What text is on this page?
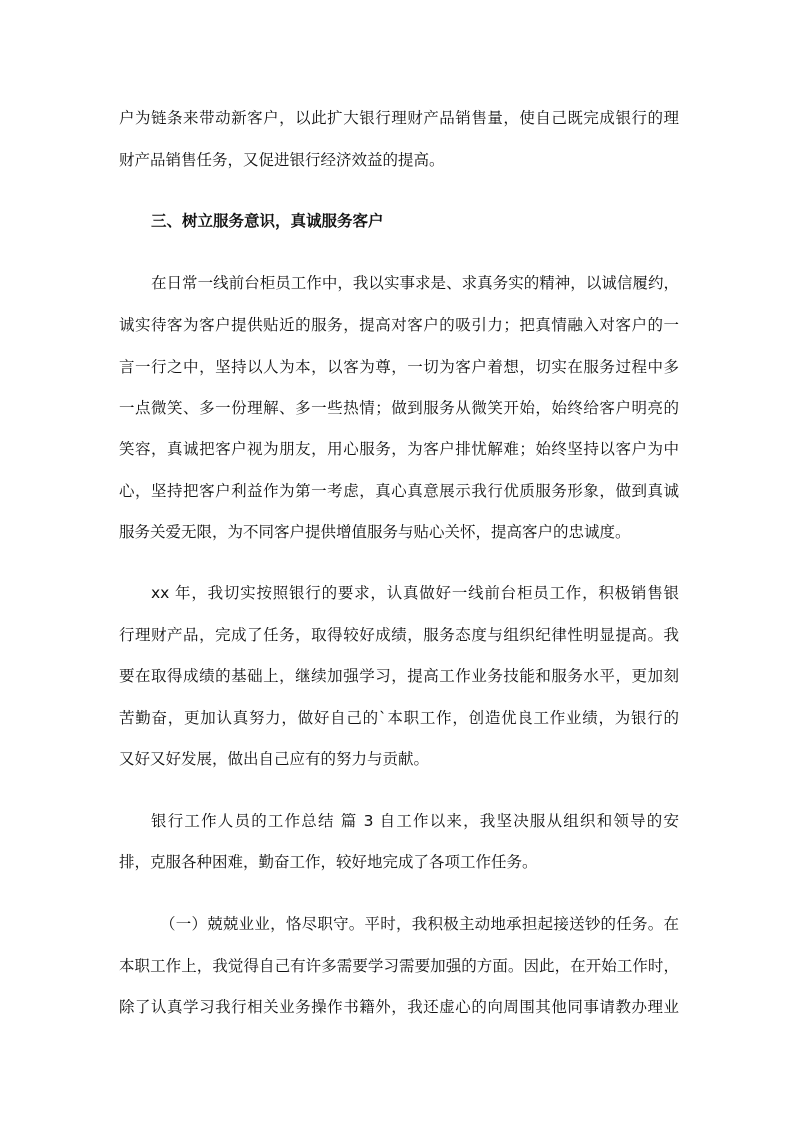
户为链条来带动新客户，以此扩大银行理财产品销售量，使自己既完成银行的理
财产品销售任务，又促进银行经济效益的提高。
三、树立服务意识，真诚服务客户
在日常一线前台柜员工作中，我以实事求是、求真务实的精神，以诚信履约，
诚实待客为客户提供贴近的服务，提高对客户的吸引力；把真情融入对客户的一
言一行之中，坚持以人为本，以客为尊，一切为客户着想，切实在服务过程中多
一点微笑、多一份理解、多一些热情；做到服务从微笑开始，始终给客户明亮的
笑容，真诚把客户视为朋友，用心服务，为客户排忧解难；始终坚持以客户为中
心，坚持把客户利益作为第一考虑，真心真意展示我行优质服务形象，做到真诚
服务关爱无限，为不同客户提供增值服务与贴心关怀，提高客户的忠诚度。
xx 年，我切实按照银行的要求，认真做好一线前台柜员工作，积极销售银
行理财产品，完成了任务，取得较好成绩，服务态度与组织纪律性明显提高。我
要在取得成绩的基础上，继续加强学习，提高工作业务技能和服务水平，更加刻
苦勤奋，更加认真努力，做好自己的`本职工作，创造优良工作业绩，为银行的
又好又好发展，做出自己应有的努力与贡献。
银行工作人员的工作总结 篇 3 自工作以来，我坚决服从组织和领导的安
排，克服各种困难，勤奋工作，较好地完成了各项工作任务。
（一）兢兢业业，恪尽职守。平时，我积极主动地承担起接送钞的任务。在
本职工作上，我觉得自己有许多需要学习需要加强的方面。因此，在开始工作时，
除了认真学习我行相关业务操作书籍外，我还虚心的向周围其他同事请教办理业
